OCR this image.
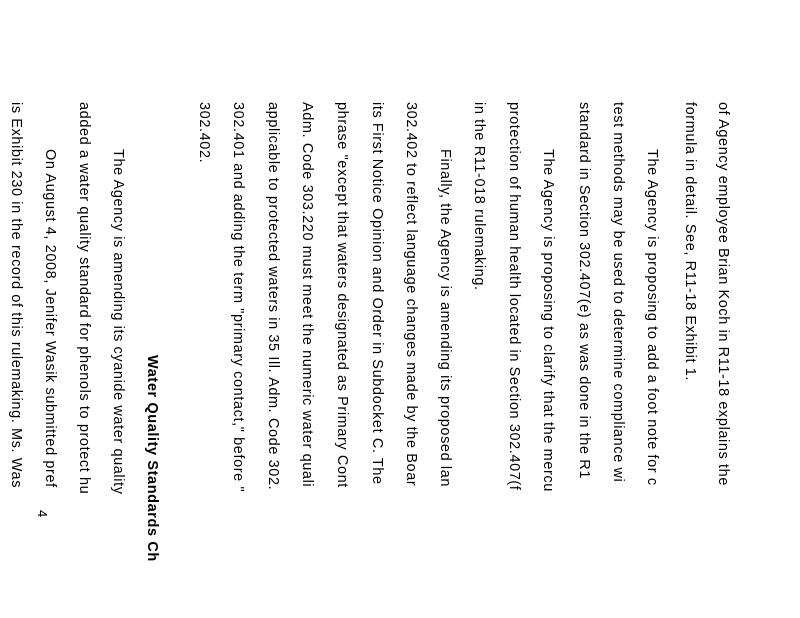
of Agency employee Brian Koch in R11-18 explains the
formula in detail. See, R11-18 Exhibit 1.
The Agency is proposing to add a foot note for c
test methods may be used to determine compliance wi
standard in Section 302.407(e) as was done in the R1
The Agency is proposing to clarify that the mercu
protection of human health located in Section 302.407(f
in the R11-018 rulemaking.
Finally, the Agency is amending its proposed lan
302.402 to reflect language changes made by the Boar
its First Notice Opinion and Order in Subdocket C. The
phrase "except that waters designated as Primary Cont
Adm. Code 303.220 must meet the numeric water quali
applicable to protected waters in 35 Ill. Adm. Code 302.
302.401 and adding the term "primary contact," before "
302.402.
Water Quality Standards Ch
The Agency is amending its cyanide water quality
added a water quality standard for phenols to protect hu
On August 4, 2008, Jenifer Wasik submitted pref
is Exhibit 230 in the record of this rulemaking. Ms. Was
4
